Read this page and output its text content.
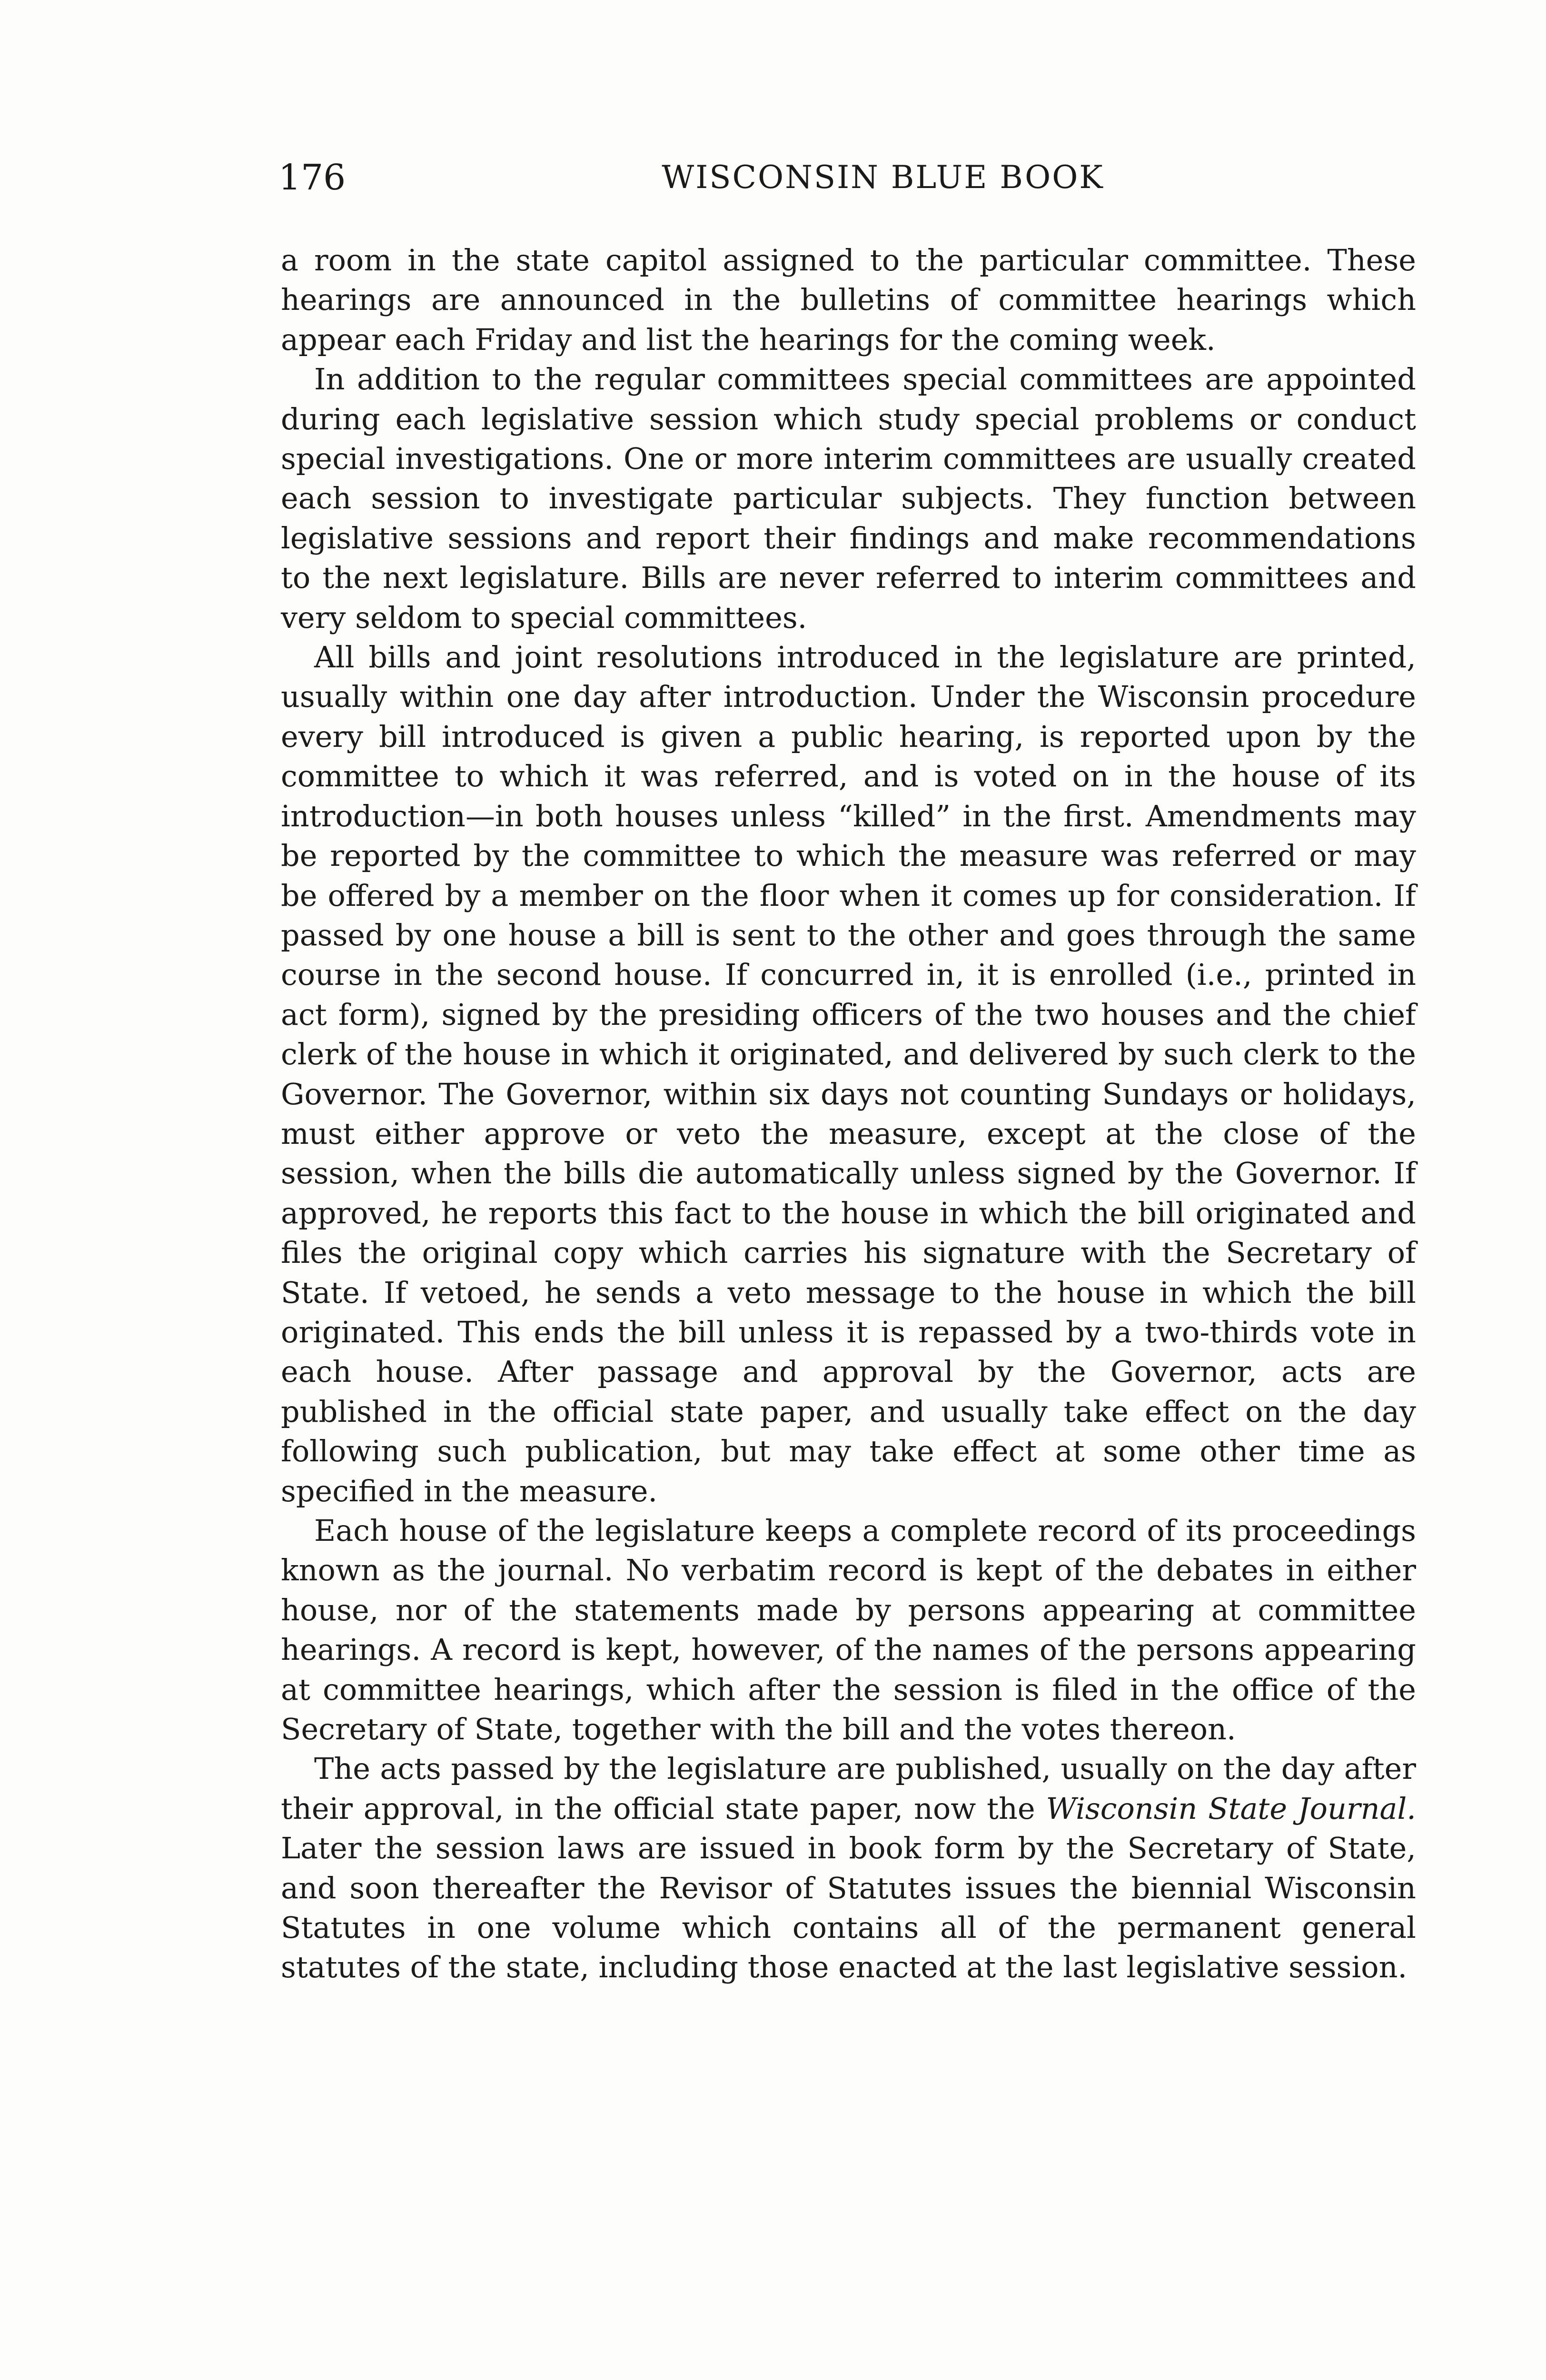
176	WISCONSIN BLUE BOOK

a room in the state capitol assigned to the particular committee. These hearings are announced in the bulletins of committee hearings which appear each Friday and list the hearings for the coming week.

In addition to the regular committees special committees are appointed during each legislative session which study special problems or conduct special investigations. One or more interim committees are usually created each session to investigate particular subjects. They function between legislative sessions and report their findings and make recommendations to the next legislature. Bills are never referred to interim committees and very seldom to special committees.

All bills and joint resolutions introduced in the legislature are printed, usually within one day after introduction. Under the Wisconsin procedure every bill introduced is given a public hearing, is reported upon by the committee to which it was referred, and is voted on in the house of its introduction—in both houses unless “killed” in the first. Amendments may be reported by the committee to which the measure was referred or may be offered by a member on the floor when it comes up for consideration. If passed by one house a bill is sent to the other and goes through the same course in the second house. If concurred in, it is enrolled (i.e., printed in act form), signed by the presiding officers of the two houses and the chief clerk of the house in which it originated, and delivered by such clerk to the Governor. The Governor, within six days not counting Sundays or holidays, must either approve or veto the measure, except at the close of the session, when the bills die automatically unless signed by the Governor. If approved, he reports this fact to the house in which the bill originated and files the original copy which carries his signature with the Secretary of State. If vetoed, he sends a veto message to the house in which the bill originated. This ends the bill unless it is repassed by a two-thirds vote in each house. After passage and approval by the Governor, acts are published in the official state paper, and usually take effect on the day following such publication, but may take effect at some other time as specified in the measure.

Each house of the legislature keeps a complete record of its proceedings known as the journal. No verbatim record is kept of the debates in either house, nor of the statements made by persons appearing at committee hearings. A record is kept, however, of the names of the persons appearing at committee hearings, which after the session is filed in the office of the Secretary of State, together with the bill and the votes thereon.

The acts passed by the legislature are published, usually on the day after their approval, in the official state paper, now the Wisconsin State Journal. Later the session laws are issued in book form by the Secretary of State, and soon thereafter the Revisor of Statutes issues the biennial Wisconsin Statutes in one volume which contains all of the permanent general statutes of the state, including those enacted at the last legislative session.
